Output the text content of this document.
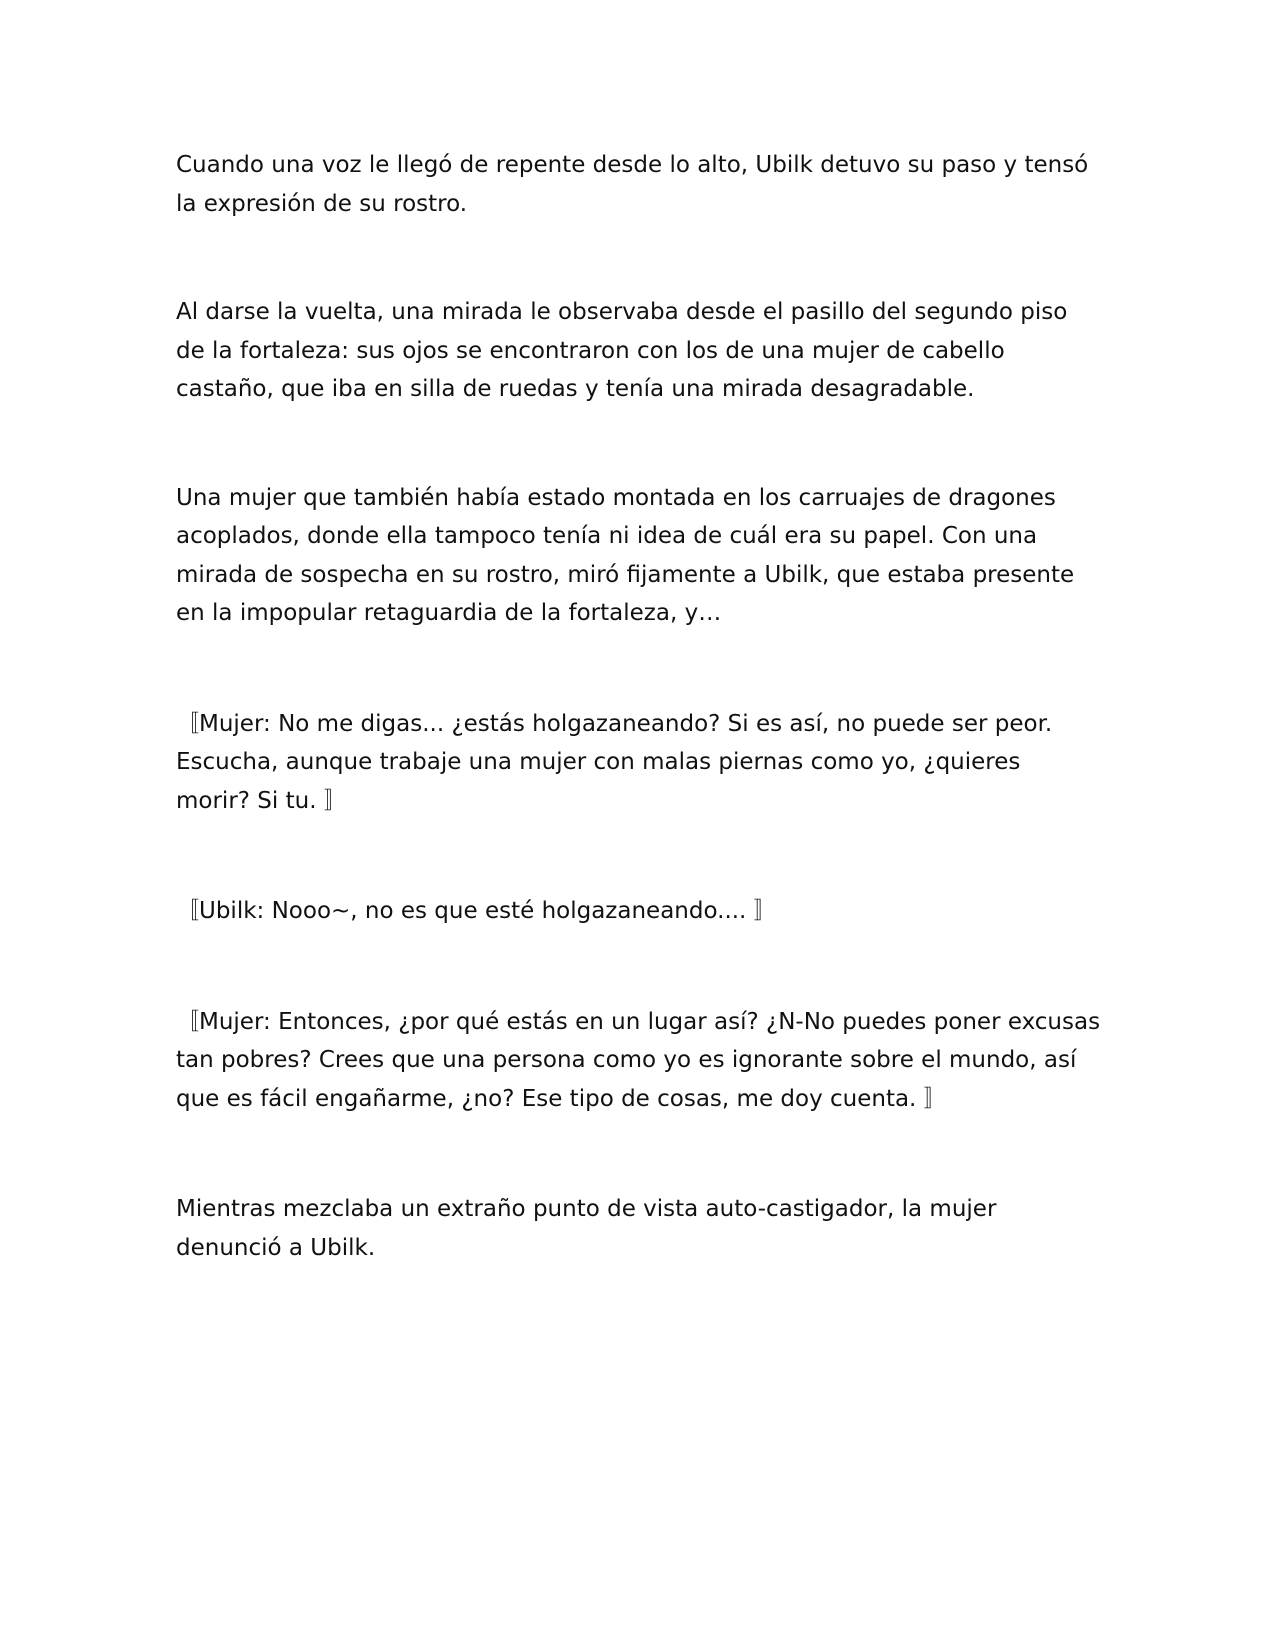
Cuando una voz le llegó de repente desde lo alto, Ubilk detuvo su paso y tensó la expresión de su rostro.

Al darse la vuelta, una mirada le observaba desde el pasillo del segundo piso de la fortaleza: sus ojos se encontraron con los de una mujer de cabello castaño, que iba en silla de ruedas y tenía una mirada desagradable.

Una mujer que también había estado montada en los carruajes de dragones acoplados, donde ella tampoco tenía ni idea de cuál era su papel. Con una mirada de sospecha en su rostro, miró fijamente a Ubilk, que estaba presente en la impopular retaguardia de la fortaleza, y…

〚Mujer: No me digas... ¿estás holgazaneando? Si es así, no puede ser peor. Escucha, aunque trabaje una mujer con malas piernas como yo, ¿quieres morir? Si tu. 〛

〚Ubilk: Nooo~, no es que esté holgazaneando.... 〛

〚Mujer: Entonces, ¿por qué estás en un lugar así? ¿N-No puedes poner excusas tan pobres? Crees que una persona como yo es ignorante sobre el mundo, así que es fácil engañarme, ¿no? Ese tipo de cosas, me doy cuenta. 〛

Mientras mezclaba un extraño punto de vista auto-castigador, la mujer denunció a Ubilk.
